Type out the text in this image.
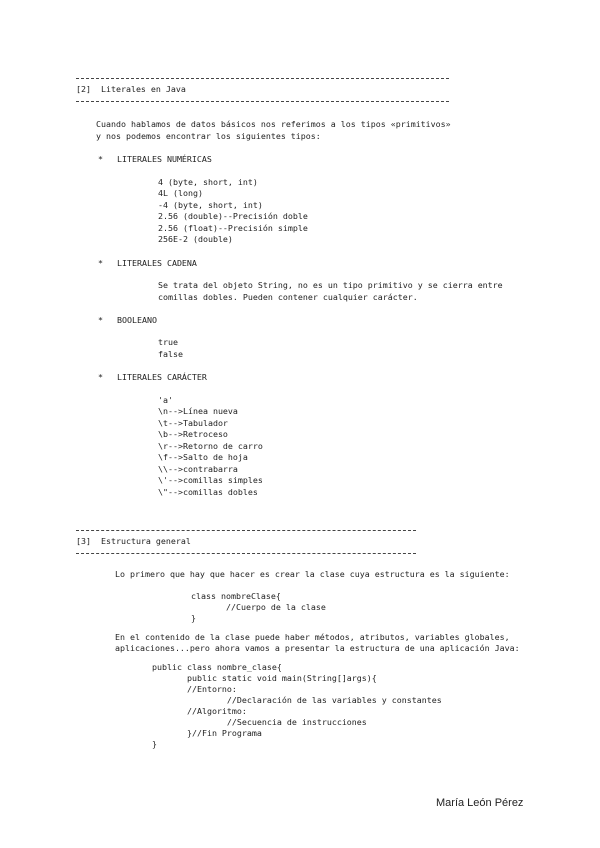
[2]  Literales en Java
Cuando hablamos de datos básicos nos referimos a los tipos «primitivos»
y nos podemos encontrar los siguientes tipos:
* LITERALES NUMÉRICAS
4 (byte, short, int)
4L (long)
-4 (byte, short, int)
2.56 (double)--Precisión doble
2.56 (float)--Precisión simple
256E-2 (double)
* LITERALES CADENA
Se trata del objeto String, no es un tipo primitivo y se cierra entre
comillas dobles. Pueden contener cualquier carácter.
* BOOLEANO
true
false
* LITERALES CARÁCTER
'a'
\n-->Línea nueva
\t-->Tabulador
\b-->Retroceso
\r-->Retorno de carro
\f-->Salto de hoja
\\-->contrabarra
\'-->comillas simples
\"-->comillas dobles
[3]  Estructura general
Lo primero que hay que hacer es crear la clase cuya estructura es la siguiente:
class nombreClase{
//Cuerpo de la clase
}
En el contenido de la clase puede haber métodos, atributos, variables globales,
aplicaciones...pero ahora vamos a presentar la estructura de una aplicación Java:
public class nombre_clase{
public static void main(String[]args){
//Entorno:
//Declaración de las variables y constantes
//Algoritmo:
//Secuencia de instrucciones
}//Fin Programa
}
María León Pérez
